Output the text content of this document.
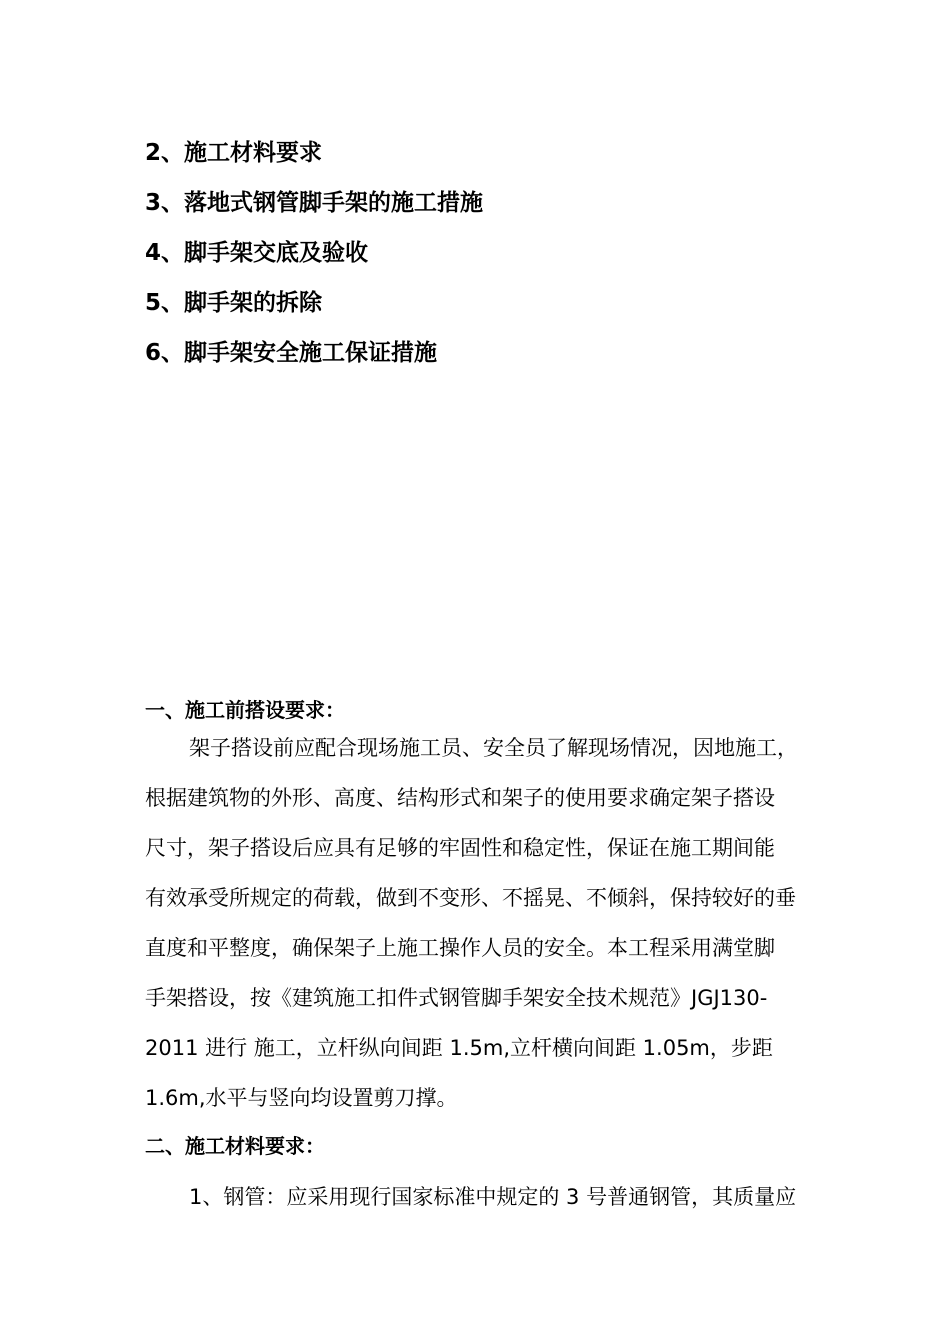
2、施工材料要求
3、落地式钢管脚手架的施工措施
4、脚手架交底及验收
5、脚手架的拆除
6、脚手架安全施工保证措施
一、施工前搭设要求：
架子搭设前应配合现场施工员、安全员了解现场情况，因地施工，
根据建筑物的外形、高度、结构形式和架子的使用要求确定架子搭设
尺寸，架子搭设后应具有足够的牢固性和稳定性，保证在施工期间能
有效承受所规定的荷载，做到不变形、不摇晃、不倾斜，保持较好的垂
直度和平整度，确保架子上施工操作人员的安全。本工程采用满堂脚
手架搭设，按《建筑施工扣件式钢管脚手架安全技术规范》JGJ130-
2011 进行 施工，立杆纵向间距 1.5m,立杆横向间距 1.05m，步距
1.6m,水平与竖向均设置剪刀撑。
二、施工材料要求：
1、钢管：应采用现行国家标准中规定的 3 号普通钢管，其质量应
